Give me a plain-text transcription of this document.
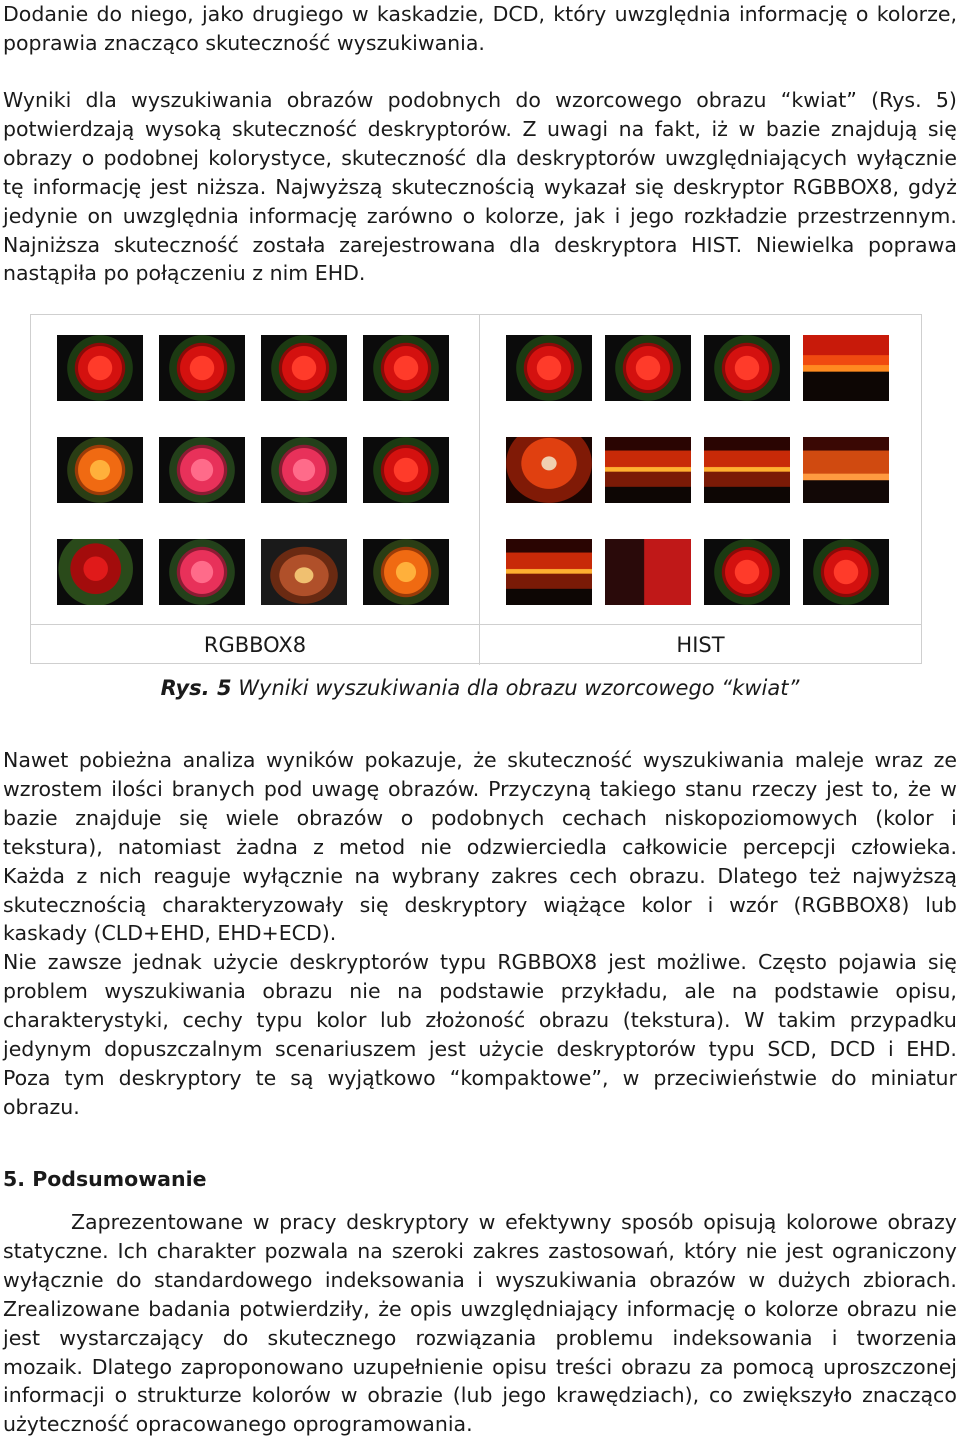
Dodanie do niego, jako drugiego w kaskadzie, DCD, który uwzględnia informację o kolorze,
poprawia znacząco skuteczność wyszukiwania.
Wyniki dla wyszukiwania obrazów podobnych do wzorcowego obrazu “kwiat” (Rys. 5)
potwierdzają wysoką skuteczność deskryptorów. Z uwagi na fakt, iż w bazie znajdują się
obrazy o podobnej kolorystyce, skuteczność dla deskryptorów uwzględniających wyłącznie
tę informację jest niższa. Najwyższą skutecznością wykazał się deskryptor RGBBOX8, gdyż
jedynie on uwzględnia informację zarówno o kolorze, jak i jego rozkładzie przestrzennym.
Najniższa skuteczność została zarejestrowana dla deskryptora HIST. Niewielka poprawa
nastąpiła po połączeniu z nim EHD.
RGBBOX8	HIST
Rys. 5 Wyniki wyszukiwania dla obrazu wzorcowego “kwiat”
Nawet pobieżna analiza wyników pokazuje, że skuteczność wyszukiwania maleje wraz ze
wzrostem ilości branych pod uwagę obrazów. Przyczyną takiego stanu rzeczy jest to, że w
bazie znajduje się wiele obrazów o podobnych cechach niskopoziomowych (kolor i
tekstura), natomiast żadna z metod nie odzwierciedla całkowicie percepcji człowieka.
Każda z nich reaguje wyłącznie na wybrany zakres cech obrazu. Dlatego też najwyższą
skutecznością charakteryzowały się deskryptory wiążące kolor i wzór (RGBBOX8) lub
kaskady (CLD+EHD, EHD+ECD).
Nie zawsze jednak użycie deskryptorów typu RGBBOX8 jest możliwe. Często pojawia się
problem wyszukiwania obrazu nie na podstawie przykładu, ale na podstawie opisu,
charakterystyki, cechy typu kolor lub złożoność obrazu (tekstura). W takim przypadku
jedynym dopuszczalnym scenariuszem jest użycie deskryptorów typu SCD, DCD i EHD.
Poza tym deskryptory te są wyjątkowo “kompaktowe”, w przeciwieństwie do miniatur
obrazu.
5. Podsumowanie
Zaprezentowane w pracy deskryptory w efektywny sposób opisują kolorowe obrazy
statyczne. Ich charakter pozwala na szeroki zakres zastosowań, który nie jest ograniczony
wyłącznie do standardowego indeksowania i wyszukiwania obrazów w dużych zbiorach.
Zrealizowane badania potwierdziły, że opis uwzględniający informację o kolorze obrazu nie
jest wystarczający do skutecznego rozwiązania problemu indeksowania i tworzenia
mozaik. Dlatego zaproponowano uzupełnienie opisu treści obrazu za pomocą uproszczonej
informacji o strukturze kolorów w obrazie (lub jego krawędziach), co zwiększyło znacząco
użyteczność opracowanego oprogramowania.
